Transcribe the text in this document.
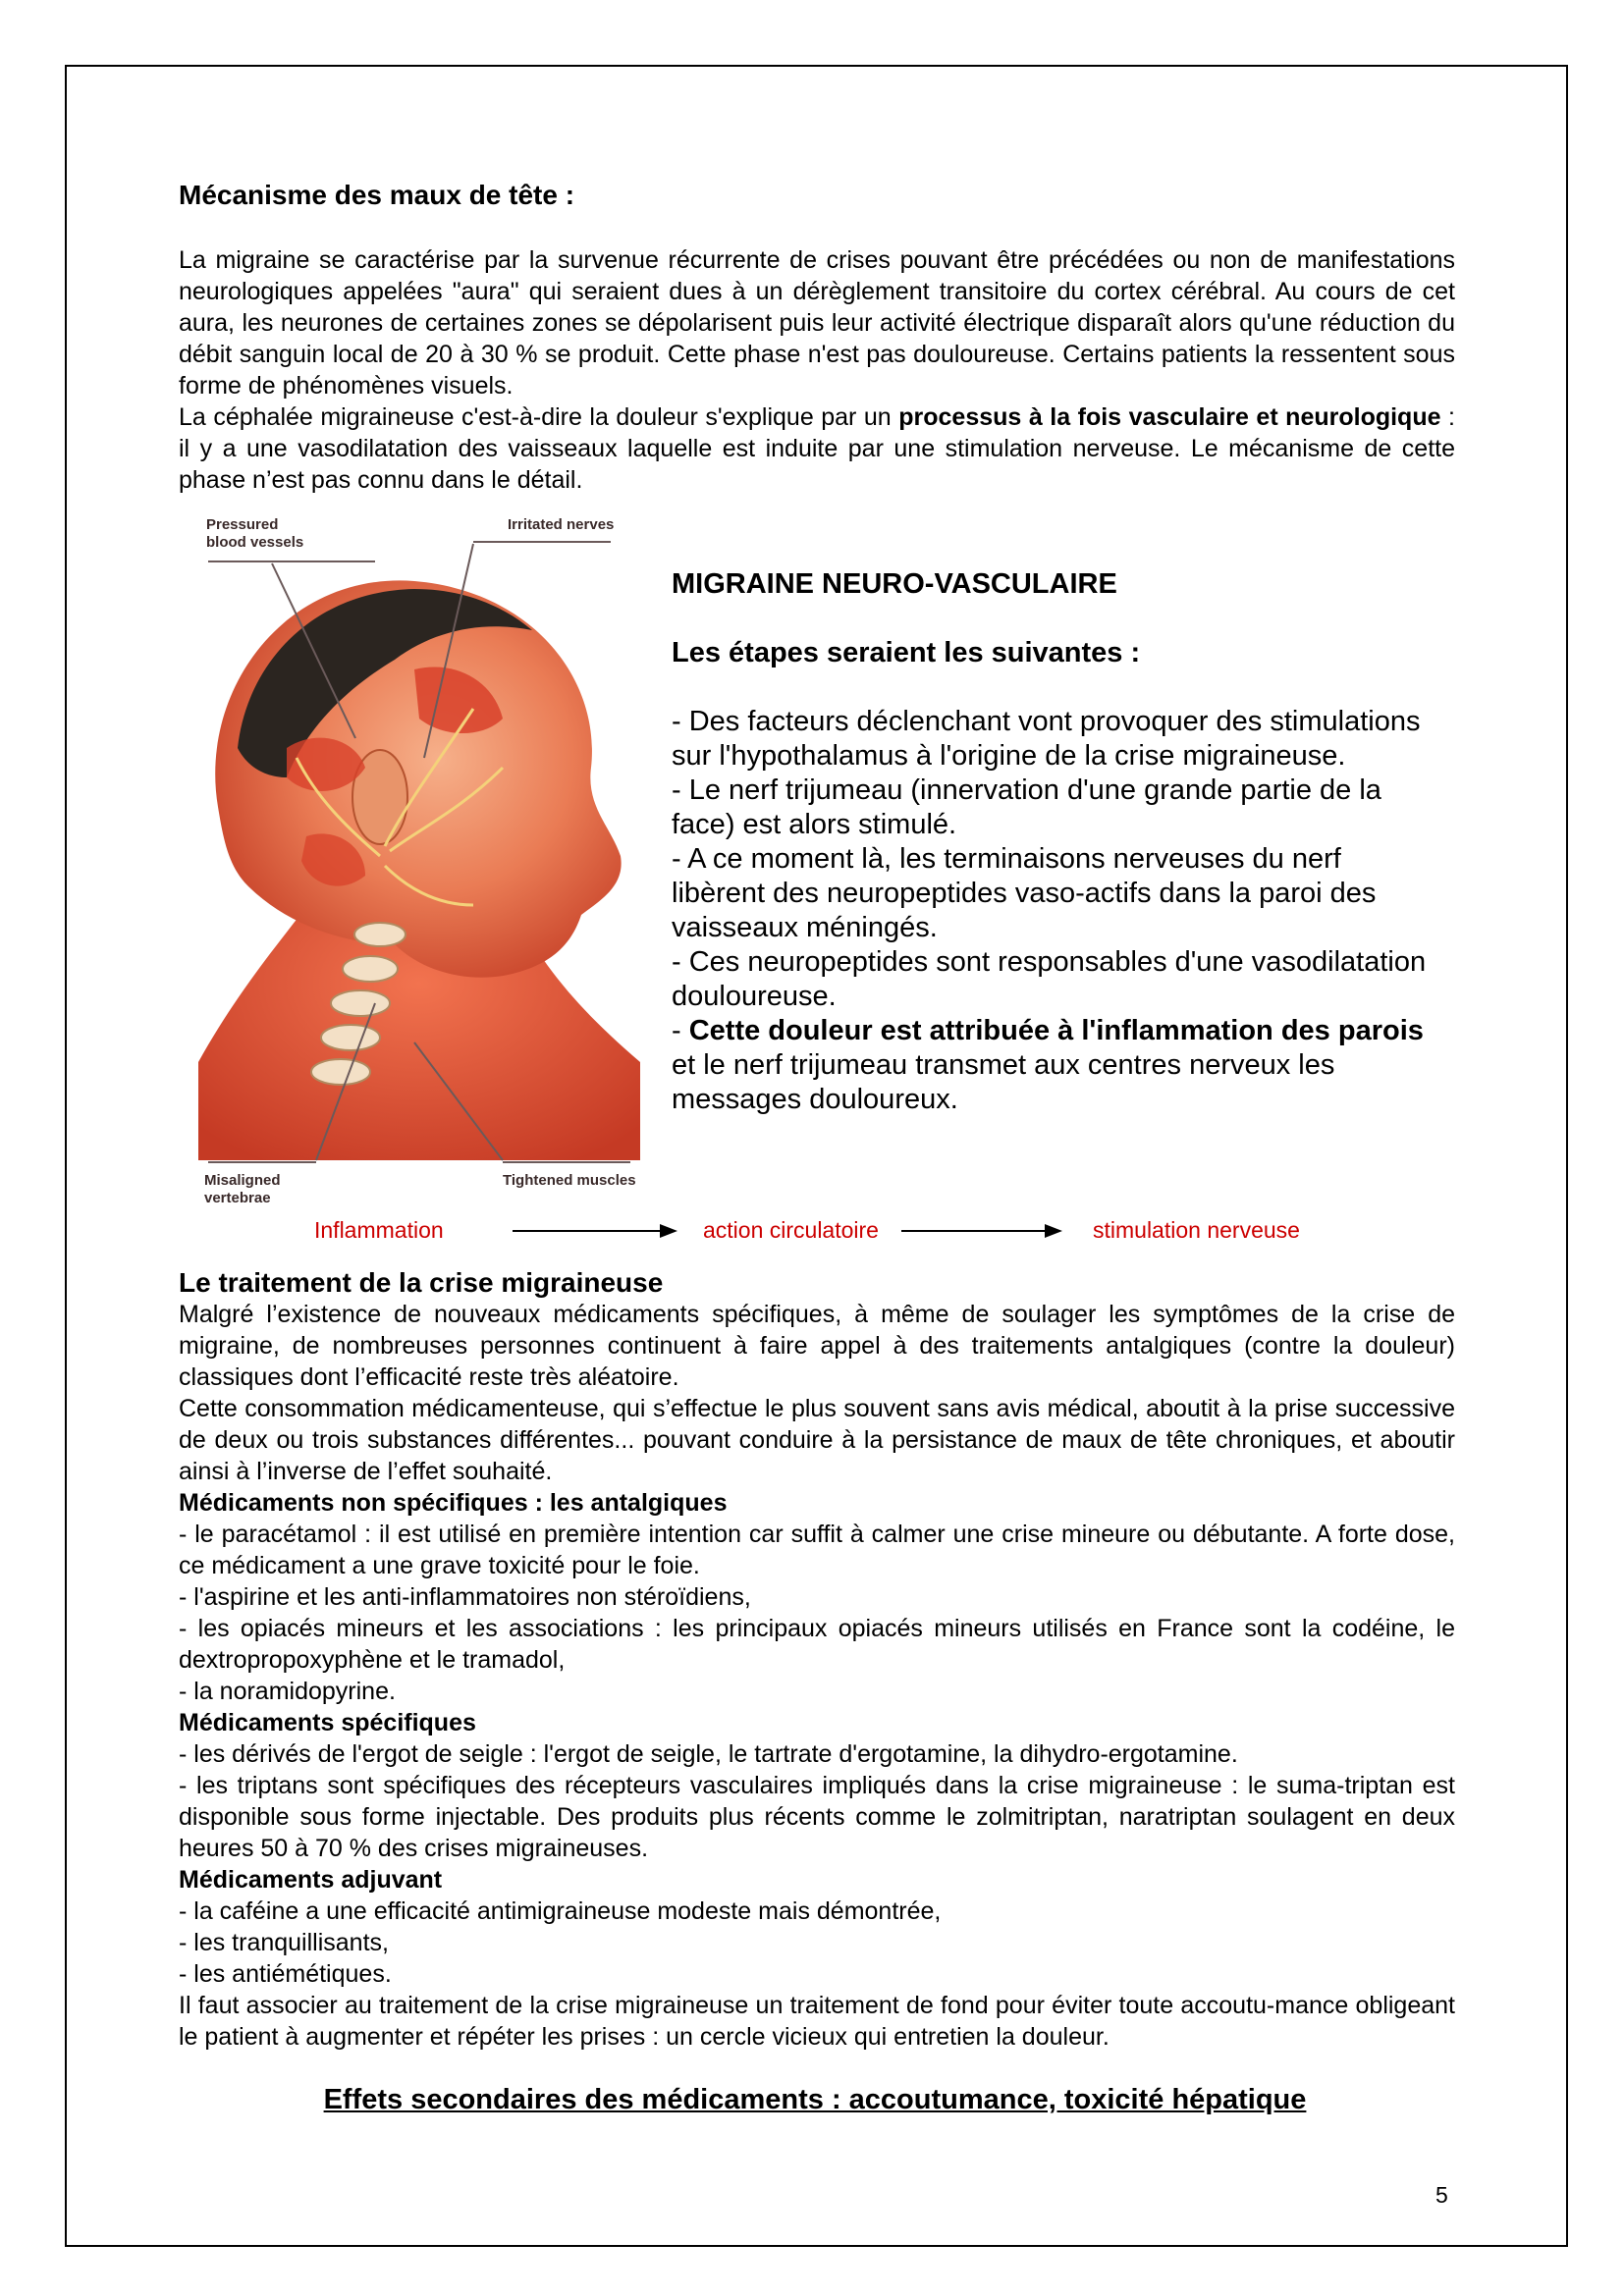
Mécanisme des maux de tête :

La migraine se caractérise par la survenue récurrente de crises pouvant être précédées ou non de manifestations neurologiques appelées "aura" qui seraient dues à un dérèglement transitoire du cortex cérébral. Au cours de cet aura, les neurones de certaines zones se dépolarisent puis leur activité électrique disparaît alors qu'une réduction du débit sanguin local de 20 à 30 % se produit. Cette phase n'est pas douloureuse. Certains patients la ressentent sous forme de phénomènes visuels.

La céphalée migraineuse c'est-à-dire la douleur s'explique par un processus à la fois vasculaire et neurologique : il y a une vasodilatation des vaisseaux laquelle est induite par une stimulation nerveuse. Le mécanisme de cette phase n’est pas connu dans le détail.

Pressured
blood vessels
Irritated nerves
Misaligned
vertebrae
Tightened muscles

MIGRAINE NEURO-VASCULAIRE

Les étapes seraient les suivantes :

- Des facteurs déclenchant vont provoquer des stimulations sur l'hypothalamus à l'origine de la crise migraineuse.

- Le nerf trijumeau (innervation d'une grande partie de la face) est alors stimulé.

- A ce moment là, les terminaisons nerveuses du nerf libèrent des neuropeptides vaso-actifs dans la paroi des vaisseaux méningés.

- Ces neuropeptides sont responsables d'une vasodilatation douloureuse.

- Cette douleur est attribuée à l'inflammation des parois et le nerf trijumeau transmet aux centres nerveux les messages douloureux.

Inflammation	action circulatoire	stimulation nerveuse

Le traitement de la crise migraineuse

Malgré l’existence de nouveaux médicaments spécifiques, à même de soulager les symptômes de la crise de migraine, de nombreuses personnes continuent à faire appel à des traitements antalgiques (contre la douleur) classiques dont l’efficacité reste très aléatoire.

Cette consommation médicamenteuse, qui s’effectue le plus souvent sans avis médical, aboutit à la prise successive de deux ou trois substances différentes... pouvant conduire à la persistance de maux de tête chroniques, et aboutir ainsi à l’inverse de l’effet souhaité.

Médicaments non spécifiques : les antalgiques

- le paracétamol : il est utilisé en première intention car suffit à calmer une crise mineure ou débutante. A forte dose, ce médicament a une grave toxicité pour le foie.

- l'aspirine et les anti-inflammatoires non stéroïdiens,

- les opiacés mineurs et les associations : les principaux opiacés mineurs utilisés en France sont la codéine, le dextropropoxyphène et le tramadol,

- la noramidopyrine.

Médicaments spécifiques

- les dérivés de l'ergot de seigle : l'ergot de seigle, le tartrate d'ergotamine, la dihydro-ergotamine.

- les triptans sont spécifiques des récepteurs vasculaires impliqués dans la crise migraineuse : le suma-triptan est disponible sous forme injectable. Des produits plus récents comme le zolmitriptan, naratriptan soulagent en deux heures 50 à 70 % des crises migraineuses.

Médicaments adjuvant

- la caféine a une efficacité antimigraineuse modeste mais démontrée,

- les tranquillisants,

- les antiémétiques.

Il faut associer au traitement de la crise migraineuse un traitement de fond pour éviter toute accoutu-mance obligeant le patient à augmenter et répéter les prises : un cercle vicieux qui entretien la douleur.

Effets secondaires des médicaments : accoutumance, toxicité hépatique
5
